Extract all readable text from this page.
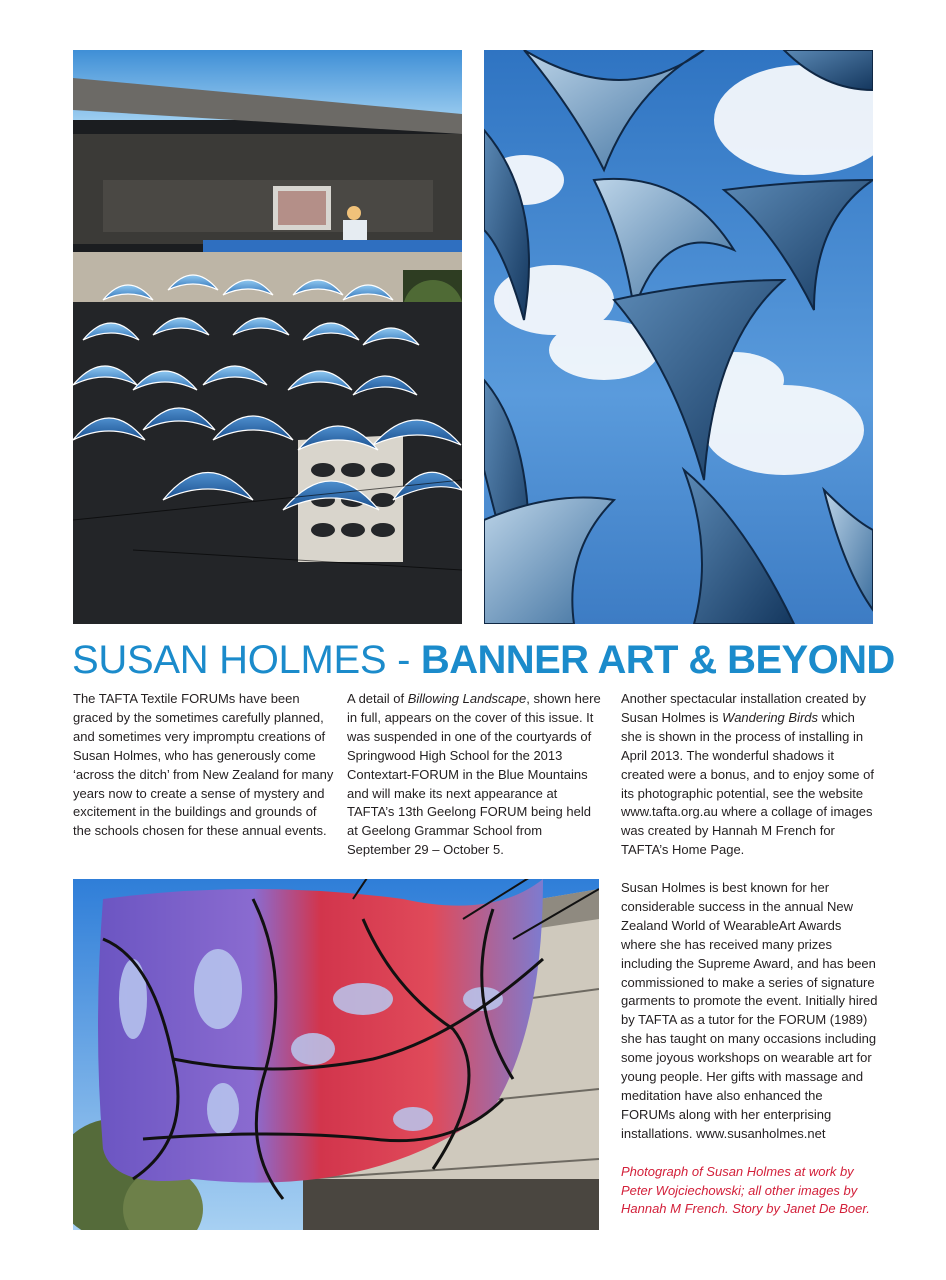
SUSAN HOLMES - BANNER ART & BEYOND

The TAFTA Textile FORUMs have been graced by the sometimes carefully planned, and sometimes very impromptu creations of Susan Holmes, who has generously come ‘across the ditch’ from New Zealand for many years now to create a sense of mystery and excitement in the buildings and grounds of the schools chosen for these annual events.

A detail of Billowing Landscape, shown here in full, appears on the cover of this issue. It was suspended in one of the courtyards of Springwood High School for the 2013 Contextart-FORUM in the Blue Mountains and will make its next appearance at TAFTA’s 13th Geelong FORUM being held at Geelong Grammar School from September 29 – October 5.

Another spectacular installation created by Susan Holmes is Wandering Birds which she is shown in the process of installing in April 2013. The wonderful shadows it created were a bonus, and to enjoy some of its photographic potential, see the website www.tafta.org.au where a collage of images was created by Hannah M French for TAFTA’s Home Page.

Susan Holmes is best known for her considerable success in the annual New Zealand World of WearableArt Awards where she has received many prizes including the Supreme Award, and has been commissioned to make a series of signature garments to promote the event. Initially hired by TAFTA as a tutor for the FORUM (1989) she has taught on many occasions including some joyous workshops on wearable art for young people. Her gifts with massage and meditation have also enhanced the FORUMs along with her enterprising installations. www.susanholmes.net

Photograph of Susan Holmes at work by Peter Wojciechowski; all other images by Hannah M French. Story by Janet De Boer.
